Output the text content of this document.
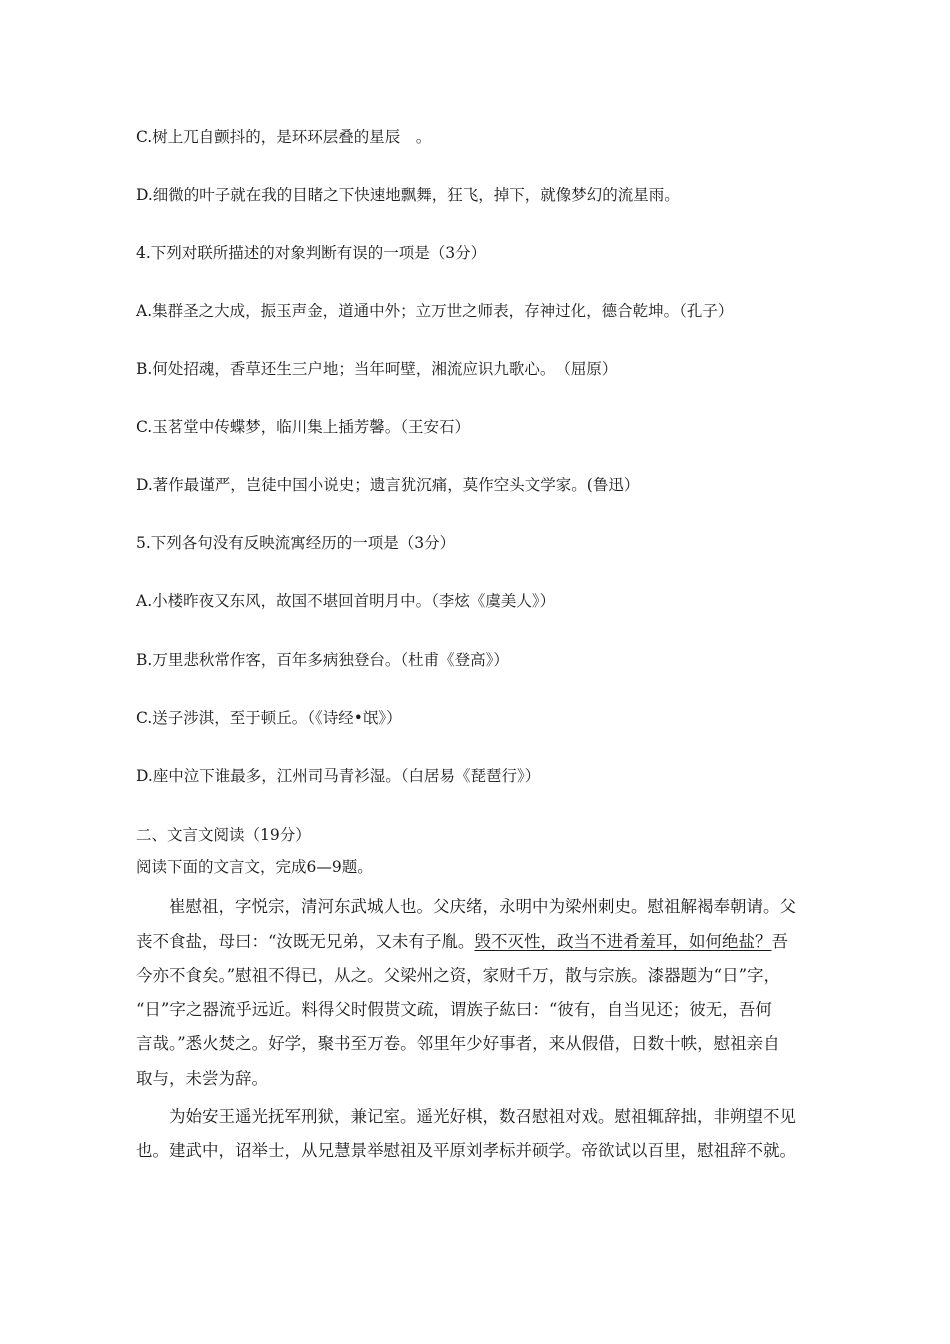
C.树上兀自颤抖的，是环环层叠的星辰　。
D.细微的叶子就在我的目睹之下快速地飘舞，狂飞，掉下，就像梦幻的流星雨。
4.下列对联所描述的对象判断有误的一项是（3分）
A.集群圣之大成，振玉声金，道通中外；立万世之师表，存神过化，德合乾坤。（孔子）
B.何处招魂，香草还生三户地；当年呵壁，湘流应识九歌心。　（屈原）
C.玉茗堂中传蝶梦，临川集上插芳馨。（王安石）
D.著作最谨严，岂徒中国小说史；遗言犹沉痛，莫作空头文学家。(鲁迅）
5.下列各句没有反映流寓经历的一项是（3分）
A.小楼昨夜又东风，故国不堪回首明月中。（李炫《虞美人》）
B.万里悲秋常作客，百年多病独登台。（杜甫《登高》）
C.送子涉淇，至于顿丘。（《诗经•氓》）
D.座中泣下谁最多，江州司马青衫湿。（白居易《琵琶行》）
二、文言文阅读（19分）
阅读下面的文言文，完成6—9题。
　　崔慰祖，字悦宗，清河东武城人也。父庆绪，永明中为梁州刺史。慰祖解褐奉朝请。父
丧不食盐，母曰：“汝既无兄弟，又未有子胤。毁不灭性，政当不进肴羞耳，如何绝盐？吾
今亦不食矣。”慰祖不得已，从之。父梁州之资，家财千万，散与宗族。漆器题为“日”字，
“日”字之器流乎远近。料得父时假贳文疏，谓族子紘曰：“彼有，自当见还；彼无，吾何
言哉。”悉火焚之。好学，聚书至万卷。邻里年少好事者，来从假借，日数十帙，慰祖亲自
取与，未尝为辞。
　　为始安王遥光抚军刑狱，兼记室。遥光好棋，数召慰祖对戏。慰祖辄辞拙，非朔望不见
也。建武中，诏举士，从兄慧景举慰祖及平原刘孝标并硕学。帝欲试以百里，慰祖辞不就。
